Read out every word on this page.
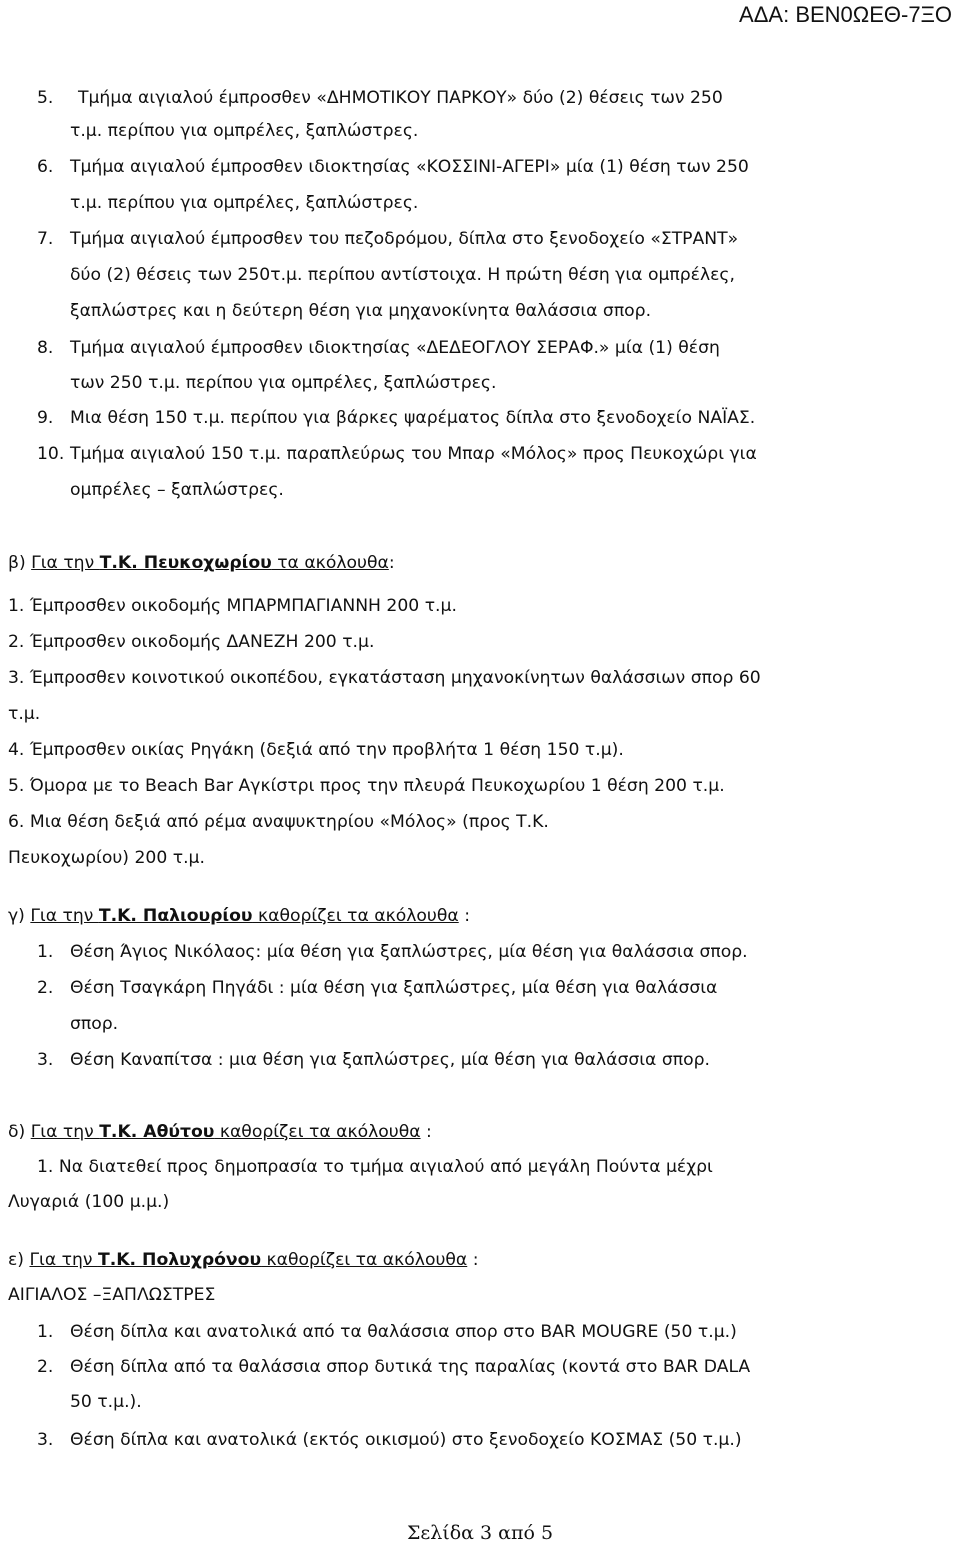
ΑΔΑ: ΒΕΝ0ΩΕΘ-7ΞΟ
5. Τμήμα αιγιαλού έμπροσθεν «ΔΗΜΟΤΙΚΟΥ ΠΑΡΚΟΥ» δύο (2) θέσεις των 250
τ.μ. περίπου για ομπρέλες, ξαπλώστρες.
6. Τμήμα αιγιαλού έμπροσθεν ιδιοκτησίας «ΚΟΣΣΙΝΙ-ΑΓΕΡΙ» μία (1) θέση των 250
τ.μ. περίπου για ομπρέλες, ξαπλώστρες.
7. Τμήμα αιγιαλού έμπροσθεν του πεζοδρόμου, δίπλα στο ξενοδοχείο «ΣΤΡΑΝΤ»
δύο (2) θέσεις των 250τ.μ. περίπου αντίστοιχα. Η πρώτη θέση για ομπρέλες,
ξαπλώστρες και η δεύτερη θέση για μηχανοκίνητα θαλάσσια σπορ.
8. Τμήμα αιγιαλού έμπροσθεν ιδιοκτησίας «ΔΕΔΕΟΓΛΟΥ ΣΕΡΑΦ.» μία (1) θέση
των 250 τ.μ. περίπου για ομπρέλες, ξαπλώστρες.
9. Μια θέση 150 τ.μ. περίπου για βάρκες ψαρέματος δίπλα στο ξενοδοχείο ΝΑΪΑΣ.
10. Τμήμα αιγιαλού 150 τ.μ. παραπλεύρως του Μπαρ «Μόλος» προς Πευκοχώρι για
ομπρέλες – ξαπλώστρες.
β) Για την Τ.Κ. Πευκοχωρίου τα ακόλουθα:
1. Έμπροσθεν οικοδομής ΜΠΑΡΜΠΑΓΙΑΝΝΗ 200 τ.μ.
2. Έμπροσθεν οικοδομής ΔΑΝΕΖΗ 200 τ.μ.
3. Έμπροσθεν κοινοτικού οικοπέδου, εγκατάσταση μηχανοκίνητων θαλάσσιων σπορ 60
τ.μ.
4. Έμπροσθεν οικίας Ρηγάκη (δεξιά από την προβλήτα 1 θέση 150 τ.μ).
5. Όμορα με το Beach Bar Αγκίστρι προς την πλευρά Πευκοχωρίου 1 θέση 200 τ.μ.
6. Μια θέση δεξιά από ρέμα αναψυκτηρίου «Μόλος» (προς Τ.Κ.
Πευκοχωρίου) 200 τ.μ.
γ) Για την Τ.Κ. Παλιουρίου καθορίζει τα ακόλουθα :
1. Θέση Άγιος Νικόλαος: μία θέση για ξαπλώστρες, μία θέση για θαλάσσια σπορ.
2. Θέση Τσαγκάρη Πηγάδι : μία θέση για ξαπλώστρες, μία θέση για θαλάσσια
σπορ.
3. Θέση Καναπίτσα : μια θέση για ξαπλώστρες, μία θέση για θαλάσσια σπορ.
δ) Για την Τ.Κ. Αθύτου καθορίζει τα ακόλουθα :
1. Να διατεθεί προς δημοπρασία το τμήμα αιγιαλού από μεγάλη Πούντα μέχρι
Λυγαριά (100 μ.μ.)
ε) Για την Τ.Κ. Πολυχρόνου καθορίζει τα ακόλουθα :
ΑΙΓΙΑΛΟΣ –ΞΑΠΛΩΣΤΡΕΣ
1. Θέση δίπλα και ανατολικά από τα θαλάσσια σπορ στο BAR MOUGRE (50 τ.μ.)
2. Θέση δίπλα από τα θαλάσσια σπορ δυτικά της παραλίας (κοντά στο BAR DALA
50 τ.μ.).
3. Θέση δίπλα και ανατολικά (εκτός οικισμού) στο ξενοδοχείο ΚΟΣΜΑΣ (50 τ.μ.)
Σελίδα 3 από 5
